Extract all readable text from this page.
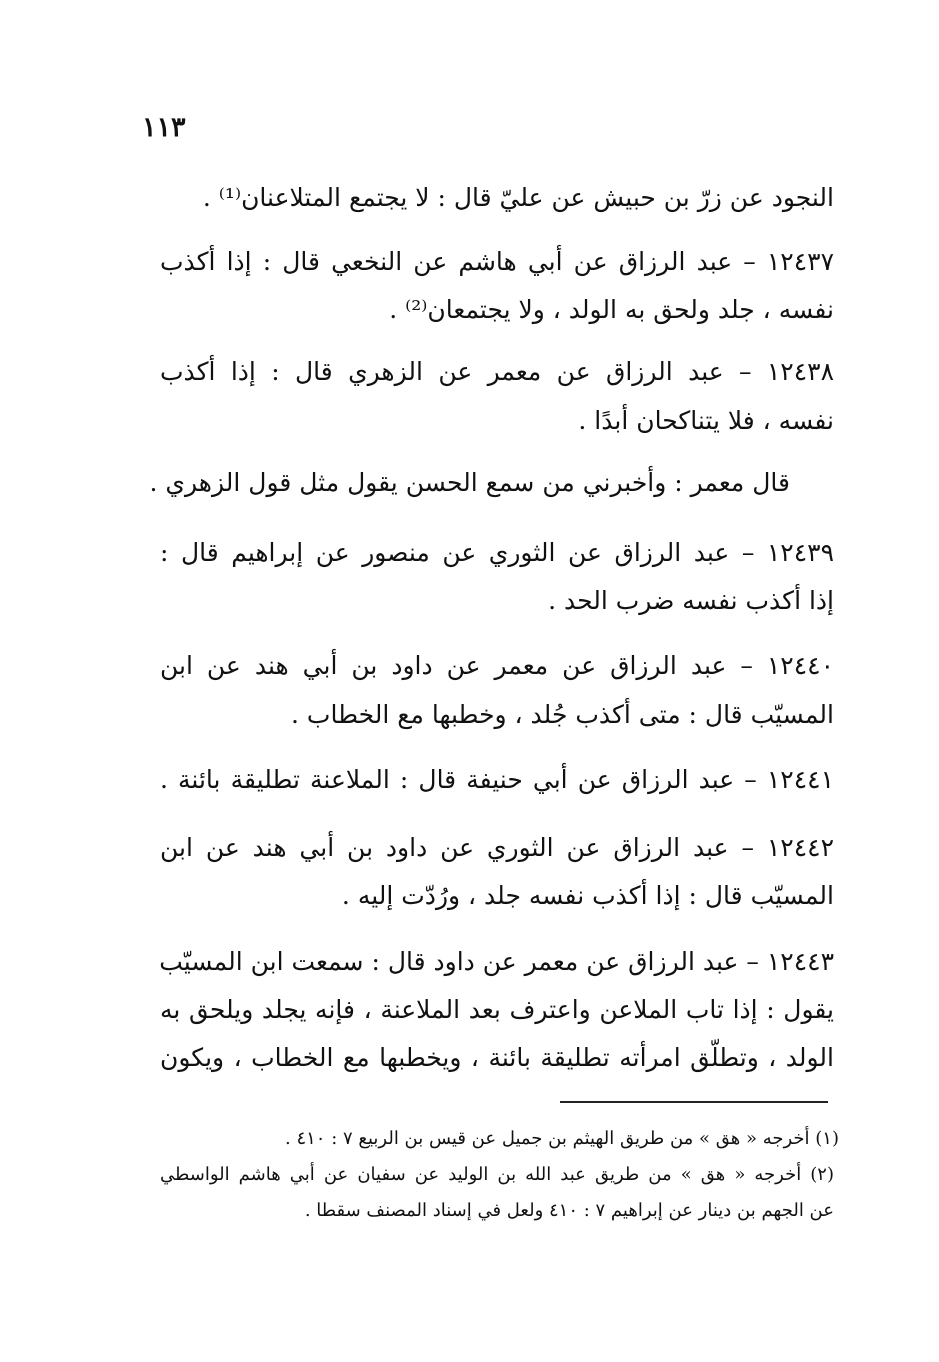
١١٣
النجود عن زرّ بن حبيش عن عليّ قال : لا يجتمع المتلاعنان⁽¹⁾ .
١٢٤٣٧ – عبد الرزاق عن أبي هاشم عن النخعي قال : إذا أكذب
نفسه ، جلد ولحق به الولد ، ولا يجتمعان⁽²⁾ .
١٢٤٣٨ – عبد الرزاق عن معمر عن الزهري قال : إذا أكذب
نفسه ، فلا يتناكحان أبدًا .
قال معمر : وأخبرني من سمع الحسن يقول مثل قول الزهري .
١٢٤٣٩ – عبد الرزاق عن الثوري عن منصور عن إبراهيم قال :
إذا أكذب نفسه ضرب الحد .
١٢٤٤٠ – عبد الرزاق عن معمر عن داود بن أبي هند عن ابن
المسيّب قال : متى أكذب جُلد ، وخطبها مع الخطاب .
١٢٤٤١ – عبد الرزاق عن أبي حنيفة قال : الملاعنة تطليقة بائنة .
١٢٤٤٢ – عبد الرزاق عن الثوري عن داود بن أبي هند عن ابن
المسيّب قال : إذا أكذب نفسه جلد ، ورُدّت إليه .
١٢٤٤٣ – عبد الرزاق عن معمر عن داود قال : سمعت ابن المسيّب
يقول : إذا تاب الملاعن واعترف بعد الملاعنة ، فإنه يجلد ويلحق به
الولد ، وتطلّق امرأته تطليقة بائنة ، ويخطبها مع الخطاب ، ويكون
(١) أخرجه « هق » من طريق الهيثم بن جميل عن قيس بن الربيع ٧ : ٤١٠ .
(٢) أخرجه « هق » من طريق عبد الله بن الوليد عن سفيان عن أبي هاشم الواسطي
عن الجهم بن دينار عن إبراهيم ٧ : ٤١٠ ولعل في إسناد المصنف سقطا .
